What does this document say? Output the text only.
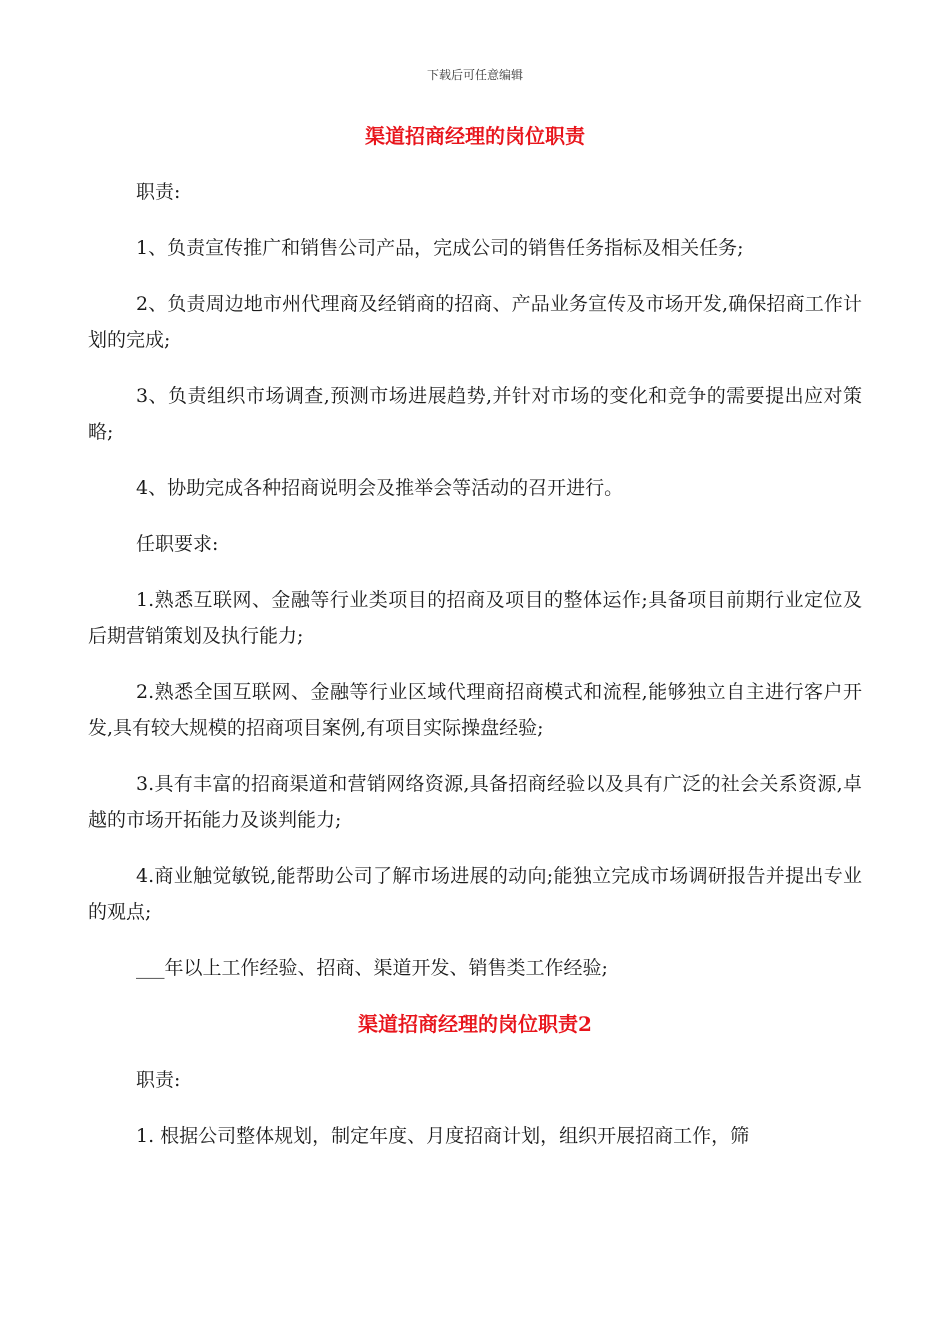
下载后可任意编辑
渠道招商经理的岗位职责

职责:

1、负责宣传推广和销售公司产品，完成公司的销售任务指标及相关任务;

2、负责周边地市州代理商及经销商的招商、产品业务宣传及市场开发,确保招商工作计划的完成;

3、负责组织市场调查,预测市场进展趋势,并针对市场的变化和竞争的需要提出应对策略;

4、协助完成各种招商说明会及推举会等活动的召开进行。

任职要求:

1.熟悉互联网、金融等行业类项目的招商及项目的整体运作;具备项目前期行业定位及后期营销策划及执行能力;

2.熟悉全国互联网、金融等行业区域代理商招商模式和流程,能够独立自主进行客户开发,具有较大规模的招商项目案例,有项目实际操盘经验;

3.具有丰富的招商渠道和营销网络资源,具备招商经验以及具有广泛的社会关系资源,卓越的市场开拓能力及谈判能力;

4.商业触觉敏锐,能帮助公司了解市场进展的动向;能独立完成市场调研报告并提出专业的观点;

___年以上工作经验、招商、渠道开发、销售类工作经验;

渠道招商经理的岗位职责2

职责:

1. 根据公司整体规划，制定年度、月度招商计划，组织开展招商工作，筛
